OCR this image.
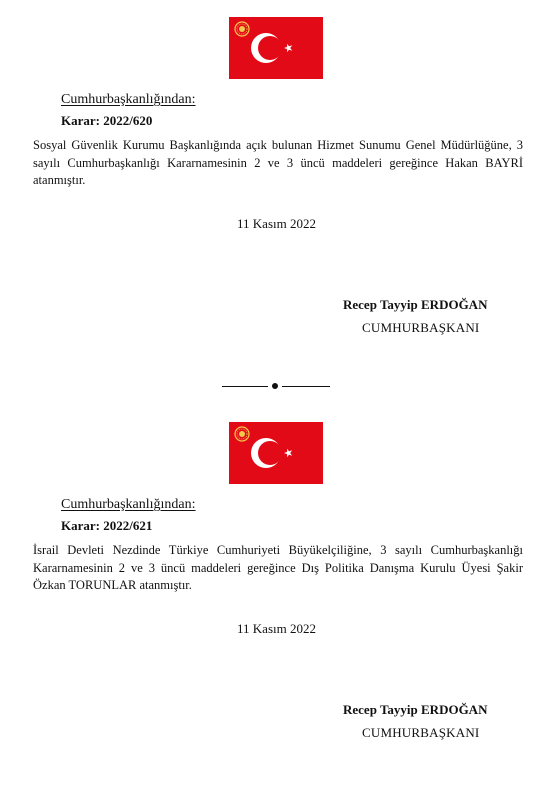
Cumhurbaşkanlığından:
Karar: 2022/620
Sosyal Güvenlik Kurumu Başkanlığında açık bulunan Hizmet Sunumu Genel Müdürlüğüne, 3 sayılı Cumhurbaşkanlığı Kararnamesinin 2 ve 3 üncü maddeleri gereğince Hakan BAYRİ atanmıştır.
11 Kasım 2022
Recep Tayyip ERDOĞAN
CUMHURBAŞKANI
Cumhurbaşkanlığından:
Karar: 2022/621
İsrail Devleti Nezdinde Türkiye Cumhuriyeti Büyükelçiliğine, 3 sayılı Cumhurbaşkanlığı Kararnamesinin 2 ve 3 üncü maddeleri gereğince Dış Politika Danışma Kurulu Üyesi Şakir Özkan TORUNLAR atanmıştır.
11 Kasım 2022
Recep Tayyip ERDOĞAN
CUMHURBAŞKANI
